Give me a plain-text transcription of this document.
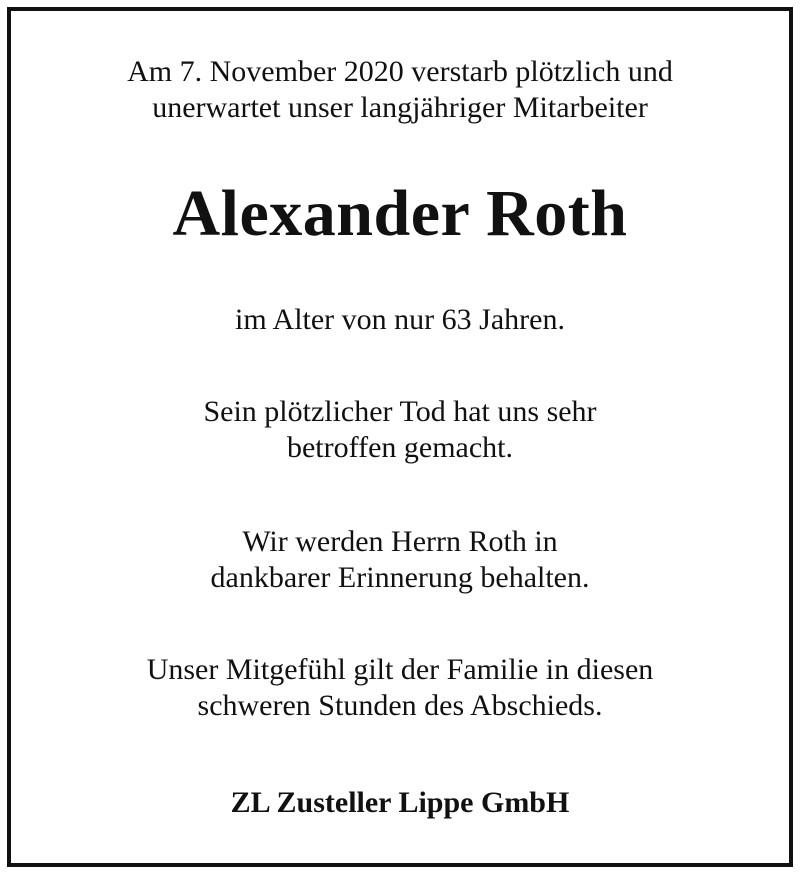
Am 7. November 2020 verstarb plötzlich und
unerwartet unser langjähriger Mitarbeiter
Alexander Roth
im Alter von nur 63 Jahren.
Sein plötzlicher Tod hat uns sehr
betroffen gemacht.
Wir werden Herrn Roth in
dankbarer Erinnerung behalten.
Unser Mitgefühl gilt der Familie in diesen
schweren Stunden des Abschieds.
ZL Zusteller Lippe GmbH
